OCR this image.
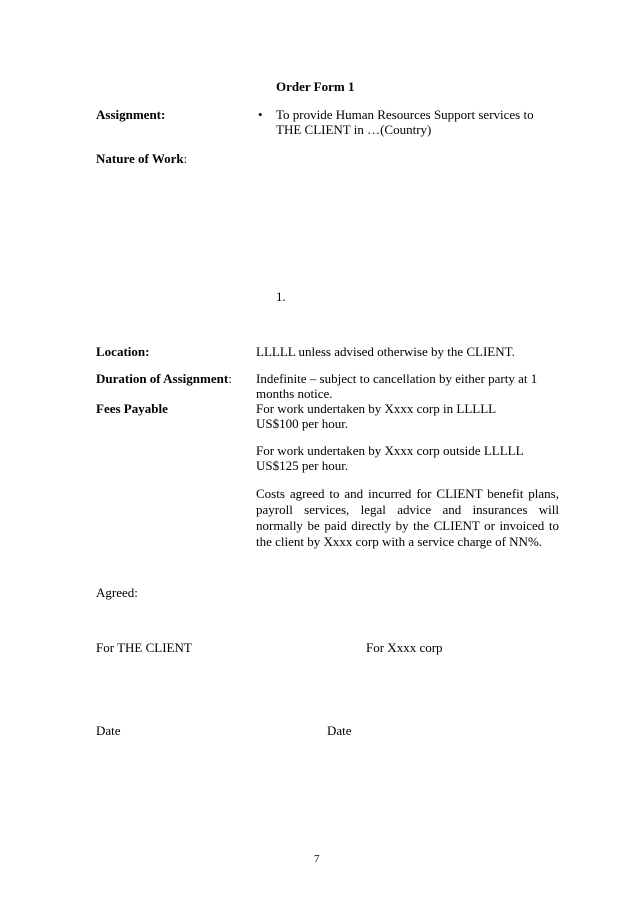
Order Form 1
Assignment:	• To provide Human Resources Support services to
THE CLIENT in …(Country)
Nature of Work:
1.
Location:	LLLLL unless advised otherwise by the CLIENT.
Duration of Assignment: Indefinite – subject to cancellation by either party at 1
months notice.
Fees Payable	For work undertaken by Xxxx corp in LLLLL
US$100 per hour.
For work undertaken by Xxxx corp outside LLLLL
US$125 per hour.
Costs agreed to and incurred for CLIENT benefit plans, payroll services, legal advice and insurances will normally be paid directly by the CLIENT or invoiced to the client by Xxxx corp with a service charge of NN%.
Agreed:
For THE CLIENT	For Xxxx corp
Date	Date
7
